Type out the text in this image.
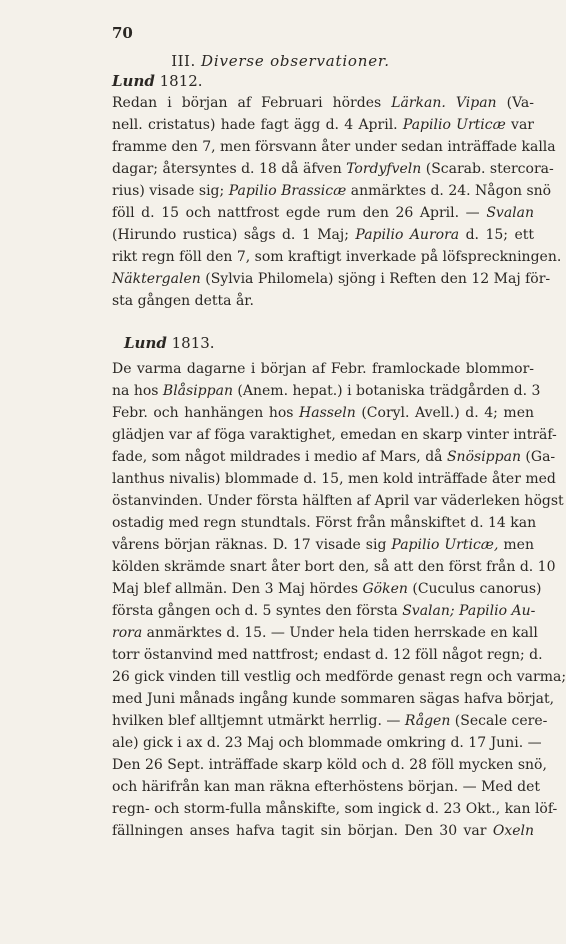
70
III. Diverse observationer.
Lund 1812.
Redan i början af Februari hördes Lärkan. Vipan (Va-
nell. cristatus) hade fagt ägg d. 4 April. Papilio Urticæ var
framme den 7, men försvann åter under sedan inträffade kalla
dagar; återsyntes d. 18 då äfven Tordyfveln (Scarab. stercora-
rius) visade sig; Papilio Brassicæ anmärktes d. 24. Någon snö
föll d. 15 och nattfrost egde rum den 26 April. — Svalan
(Hirundo rustica) sågs d. 1 Maj; Papilio Aurora d. 15; ett
rikt regn föll den 7, som kraftigt inverkade på löfspreckningen.
Näktergalen (Sylvia Philomela) sjöng i Reften den 12 Maj för-
sta gången detta år.
Lund 1813.
De varma dagarne i början af Febr. framlockade blommor-
na hos Blåsippan (Anem. hepat.) i botaniska trädgården d. 3
Febr. och hanhängen hos Hasseln (Coryl. Avell.) d. 4; men
glädjen var af föga varaktighet, emedan en skarp vinter inträf-
fade, som något mildrades i medio af Mars, då Snösippan (Ga-
lanthus nivalis) blommade d. 15, men kold inträffade åter med
östanvinden. Under första hälften af April var väderleken högst
ostadig med regn stundtals. Först från månskiftet d. 14 kan
vårens början räknas. D. 17 visade sig Papilio Urticæ, men
kölden skrämde snart åter bort den, så att den först från d. 10
Maj blef allmän. Den 3 Maj hördes Göken (Cuculus canorus)
första gången och d. 5 syntes den första Svalan; Papilio Au-
rora anmärktes d. 15. — Under hela tiden herrskade en kall
torr östanvind med nattfrost; endast d. 12 föll något regn; d.
26 gick vinden till vestlig och medförde genast regn och varma;
med Juni månads ingång kunde sommaren sägas hafva börjat,
hvilken blef alltjemnt utmärkt herrlig. — Rågen (Secale cere-
ale) gick i ax d. 23 Maj och blommade omkring d. 17 Juni. —
Den 26 Sept. inträffade skarp köld och d. 28 föll mycken snö,
och härifrån kan man räkna efterhöstens början. — Med det
regn- och storm-fulla månskifte, som ingick d. 23 Okt., kan löf-
fällningen anses hafva tagit sin början. Den 30 var Oxeln
